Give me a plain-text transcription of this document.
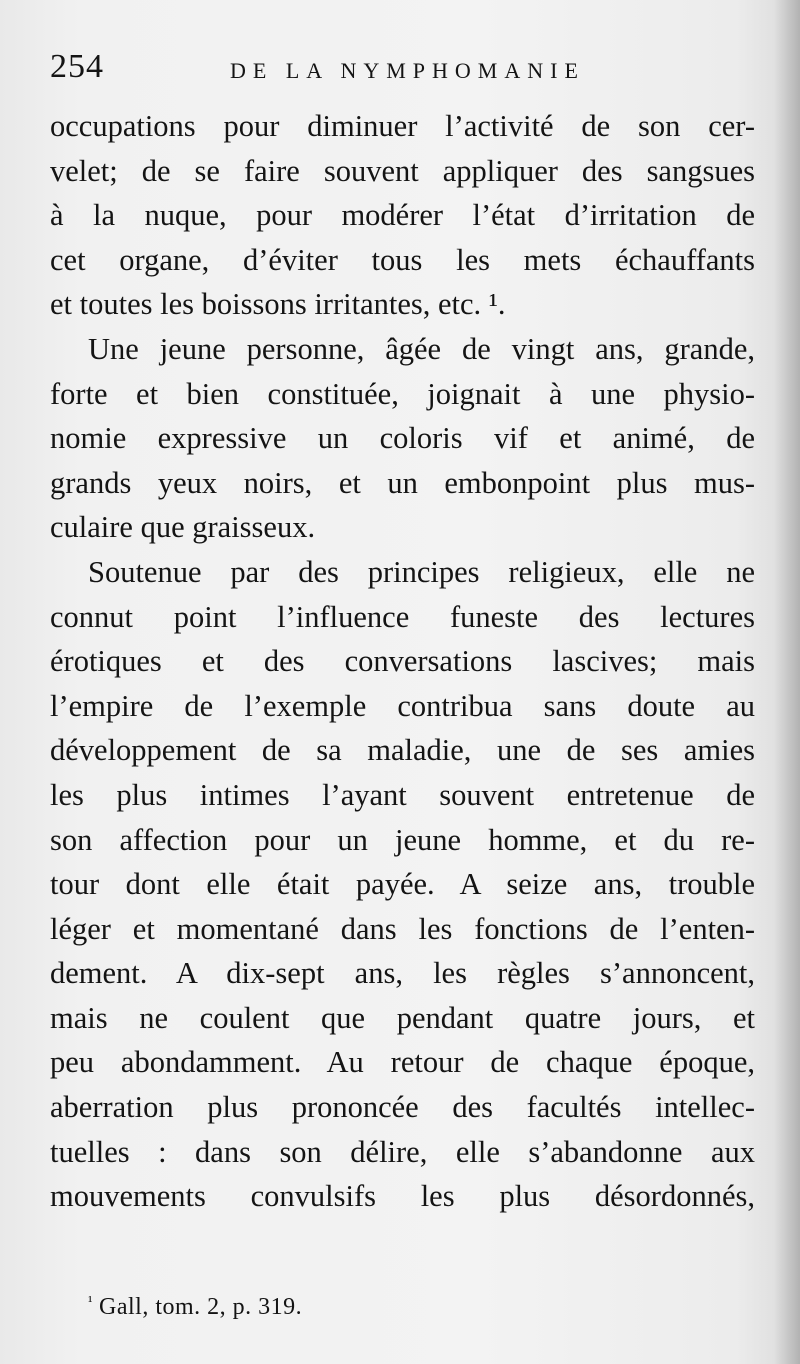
254	DE LA NYMPHOMANIE
occupations pour diminuer l’activité de son cer-
velet; de se faire souvent appliquer des sangsues
à la nuque, pour modérer l’état d’irritation de
cet organe, d’éviter tous les mets échauffants
et toutes les boissons irritantes, etc. ¹.
Une jeune personne, âgée de vingt ans, grande,
forte et bien constituée, joignait à une physio-
nomie expressive un coloris vif et animé, de
grands yeux noirs, et un embonpoint plus mus-
culaire que graisseux.
Soutenue par des principes religieux, elle ne
connut point l’influence funeste des lectures
érotiques et des conversations lascives; mais
l’empire de l’exemple contribua sans doute au
développement de sa maladie, une de ses amies
les plus intimes l’ayant souvent entretenue de
son affection pour un jeune homme, et du re-
tour dont elle était payée. A seize ans, trouble
léger et momentané dans les fonctions de l’enten-
dement. A dix-sept ans, les règles s’annoncent,
mais ne coulent que pendant quatre jours, et
peu abondamment. Au retour de chaque époque,
aberration plus prononcée des facultés intellec-
tuelles : dans son délire, elle s’abandonne aux
mouvements convulsifs les plus désordonnés,
$^{^1}$ Gall, tom. 2, p. 319.
